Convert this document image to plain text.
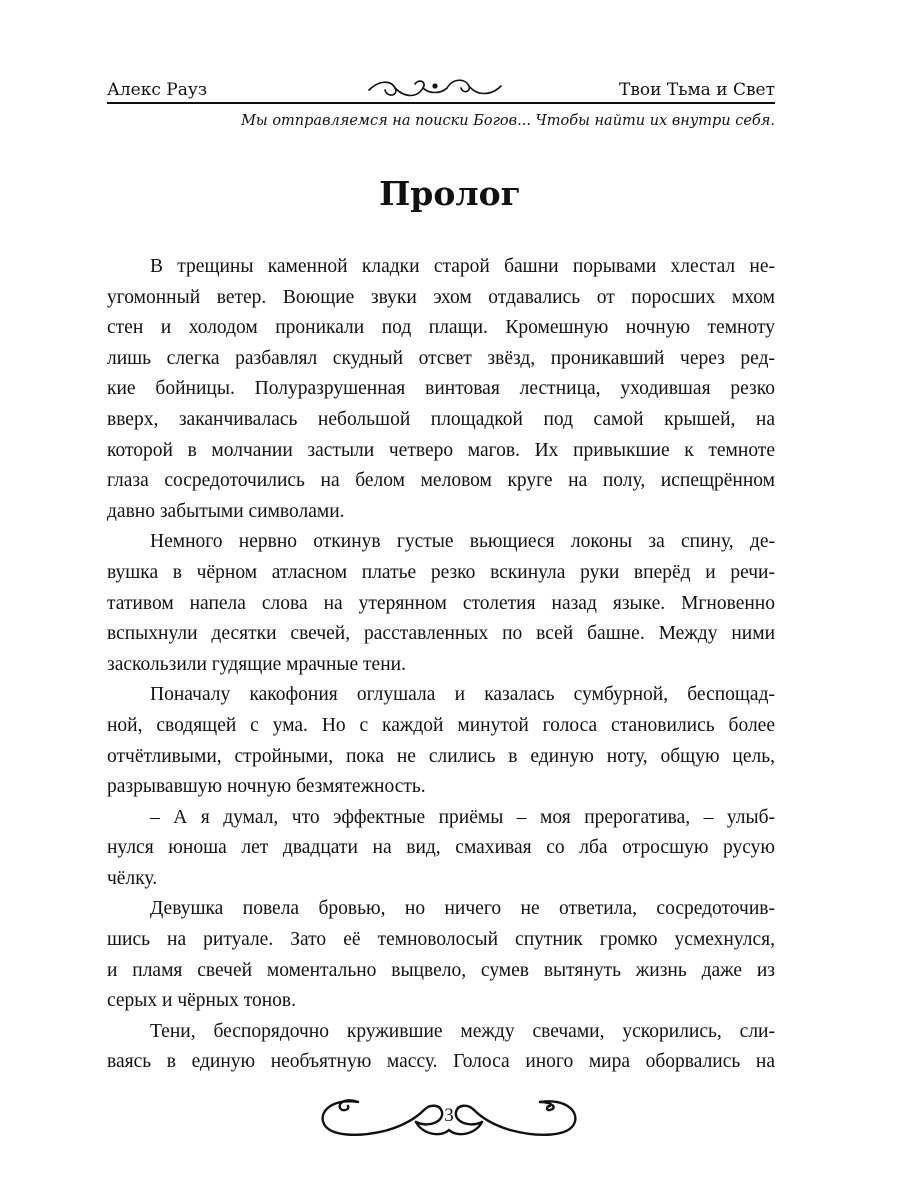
Алекс Рауз	Твои Тьма и Свет
Мы отправляемся на поиски Богов... Чтобы найти их внутри себя.
Пролог

В трещины каменной кладки старой башни порывами хлестал не-

угомонный ветер. Воющие звуки эхом отдавались от поросших мхом

стен и холодом проникали под плащи. Кромешную ночную темноту

лишь слегка разбавлял скудный отсвет звёзд, проникавший через ред-

кие бойницы. Полуразрушенная винтовая лестница, уходившая резко

вверх, заканчивалась небольшой площадкой под самой крышей, на

которой в молчании застыли четверо магов. Их привыкшие к темноте

глаза сосредоточились на белом меловом круге на полу, испещрённом

давно забытыми символами.

Немного нервно откинув густые вьющиеся локоны за спину, де-

вушка в чёрном атласном платье резко вскинула руки вперёд и речи-

тативом напела слова на утерянном столетия назад языке. Мгновенно

вспыхнули десятки свечей, расставленных по всей башне. Между ними

заскользили гудящие мрачные тени.

Поначалу какофония оглушала и казалась сумбурной, беспощад-

ной, сводящей с ума. Но с каждой минутой голоса становились более

отчётливыми, стройными, пока не слились в единую ноту, общую цель,

разрывавшую ночную безмятежность.

– А я думал, что эффектные приёмы – моя прерогатива, – улыб-

нулся юноша лет двадцати на вид, смахивая со лба отросшую русую

чёлку.

Девушка повела бровью, но ничего не ответила, сосредоточив-

шись на ритуале. Зато её темноволосый спутник громко усмехнулся,

и пламя свечей моментально выцвело, сумев вытянуть жизнь даже из

серых и чёрных тонов.

Тени, беспорядочно кружившие между свечами, ускорились, сли-

ваясь в единую необъятную массу. Голоса иного мира оборвались на

3
